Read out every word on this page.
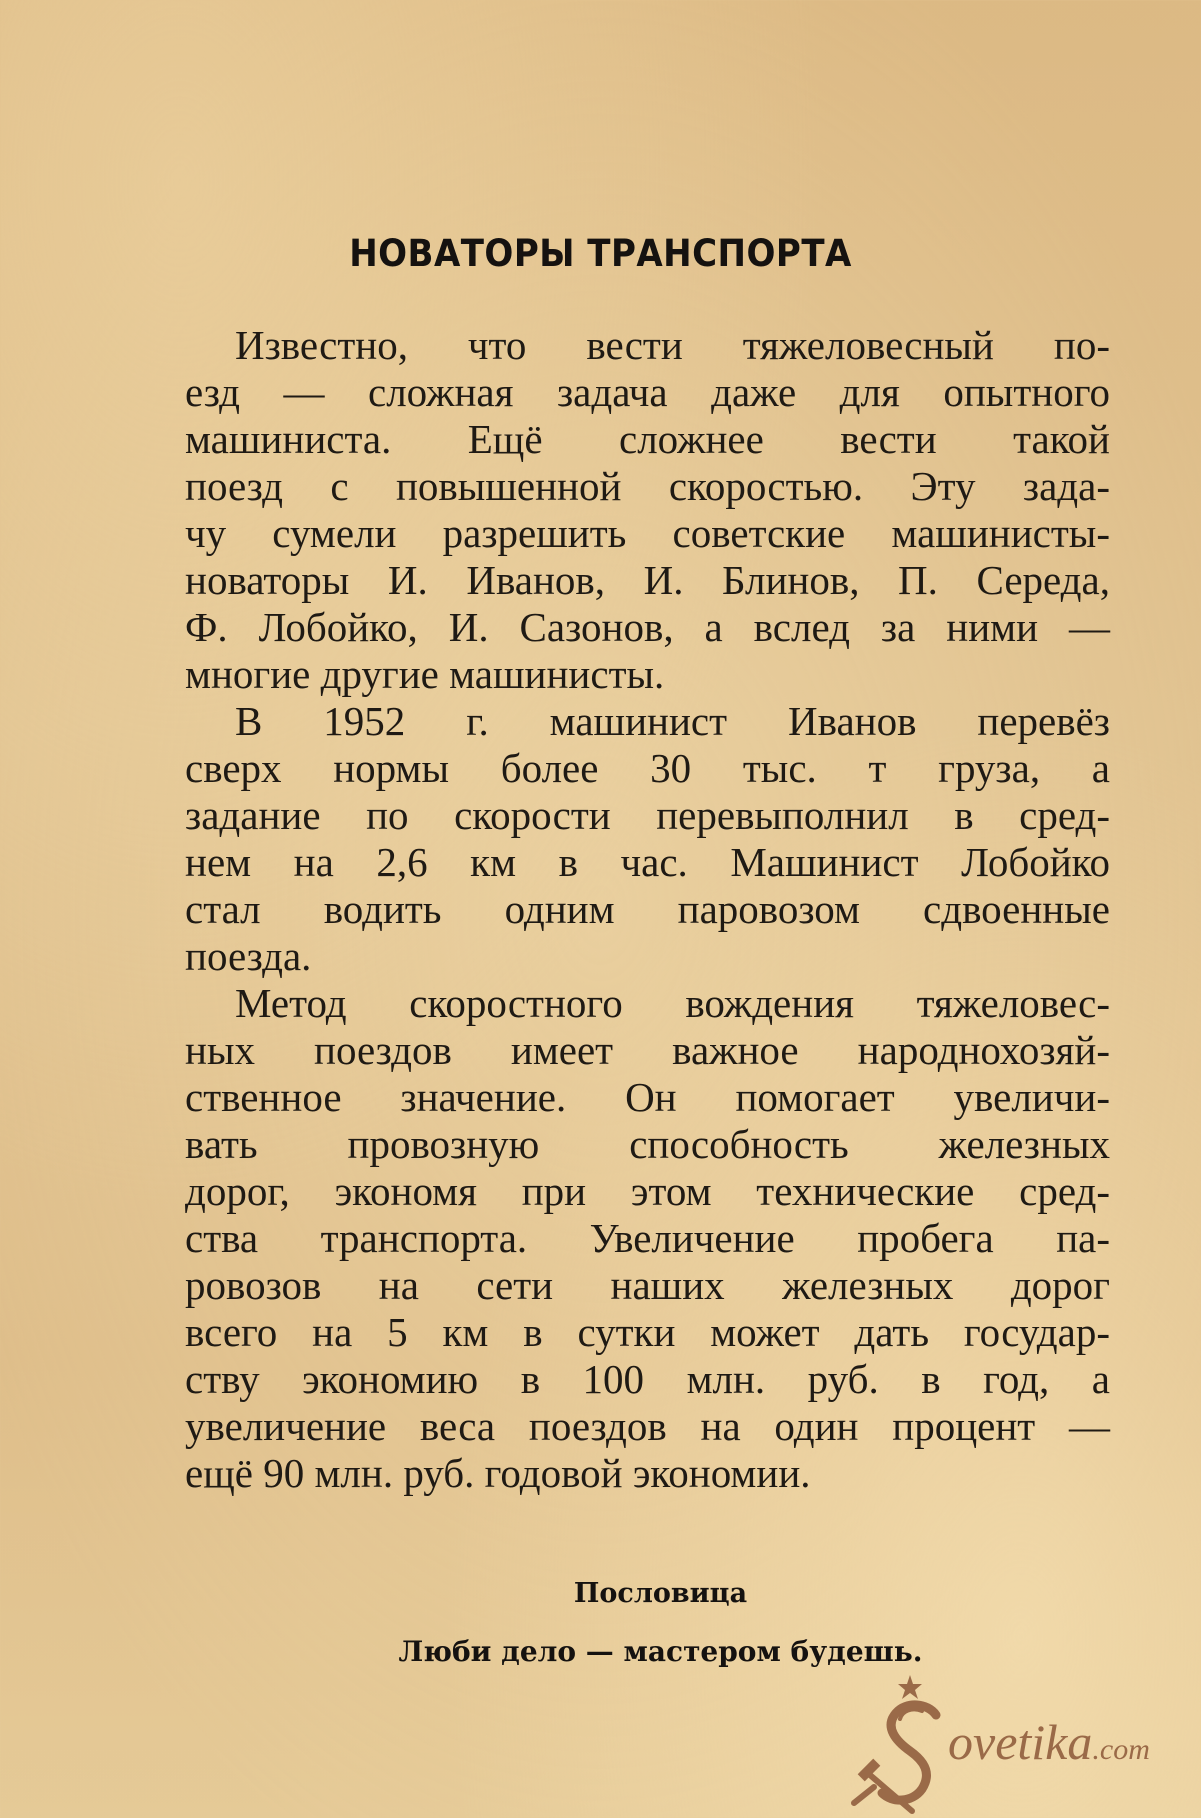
НОВАТОРЫ ТРАНСПОРТА

Известно, что вести тяжеловесный по-
езд — сложная задача даже для опытного
машиниста. Ещё сложнее вести такой
поезд с повышенной скоростью. Эту зада-
чу сумели разрешить советские машинисты-
новаторы И. Иванов, И. Блинов, П. Середа,
Ф. Лобойко, И. Сазонов, а вслед за ними —
многие другие машинисты.

В 1952 г. машинист Иванов перевёз
сверх нормы более 30 тыс. т груза, а
задание по скорости перевыполнил в сред-
нем на 2,6 км в час. Машинист Лобойко
стал водить одним паровозом сдвоенные
поезда.

Метод скоростного вождения тяжеловес-
ных поездов имеет важное народнохозяй-
ственное значение. Он помогает увеличи-
вать провозную способность железных
дорог, экономя при этом технические сред-
ства транспорта. Увеличение пробега па-
ровозов на сети наших железных дорог
всего на 5 км в сутки может дать государ-
ству экономию в 100 млн. руб. в год, а
увеличение веса поездов на один процент —
ещё 90 млн. руб. годовой экономии.

Пословица
Люби дело — мастером будешь.
ovetika.com
